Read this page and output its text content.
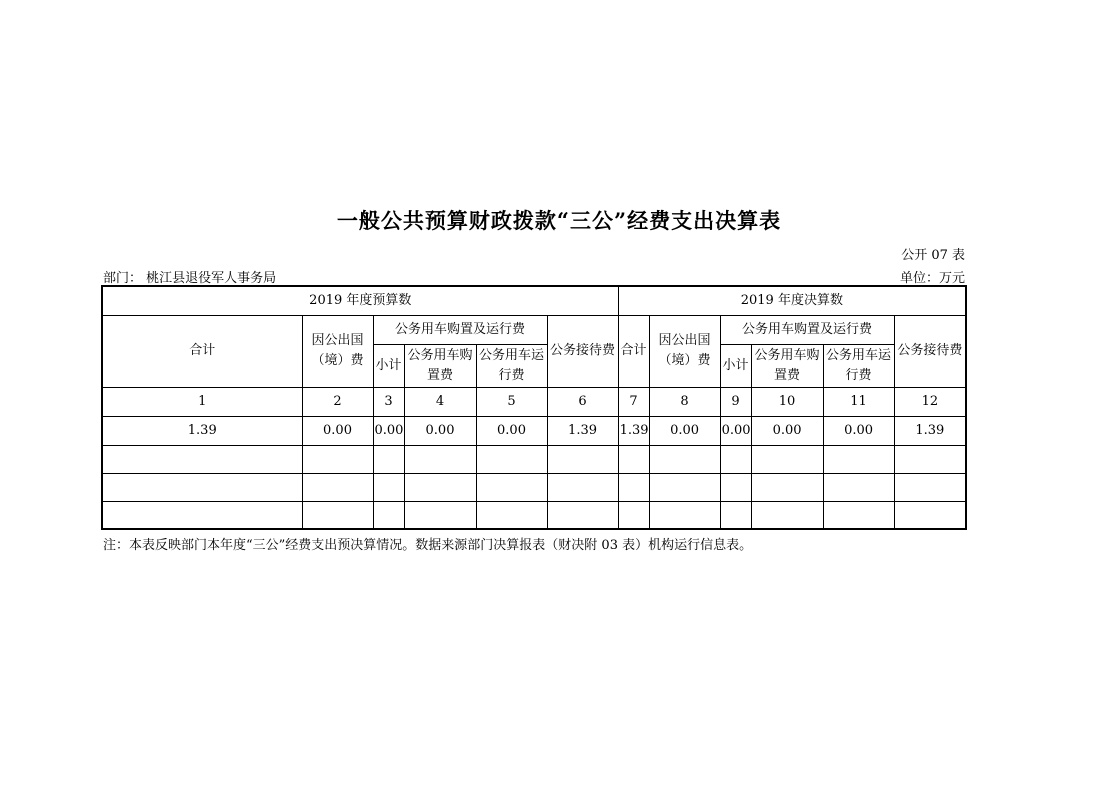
一般公共预算财政拨款“三公”经费支出决算表
公开 07 表
部门： 桃江县退役军人事务局	单位：万元
2019 年度预算数						2019 年度决算数					
合计	因公出国（境）费	公务用车购置及运行费			公务接待费	合计	因公出国（境）费	公务用车购置及运行费			公务接待费
		小计	公务用车购置费	公务用车运行费				小计	公务用车购置费	公务用车运行费	
1	2	3	4	5	6	7	8	9	10	11	12
1.39	0.00	0.00	0.00	0.00	1.39	1.39	0.00	0.00	0.00	0.00	1.39

注：本表反映部门本年度“三公”经费支出预决算情况。数据来源部门决算报表（财决附 03 表）机构运行信息表。
